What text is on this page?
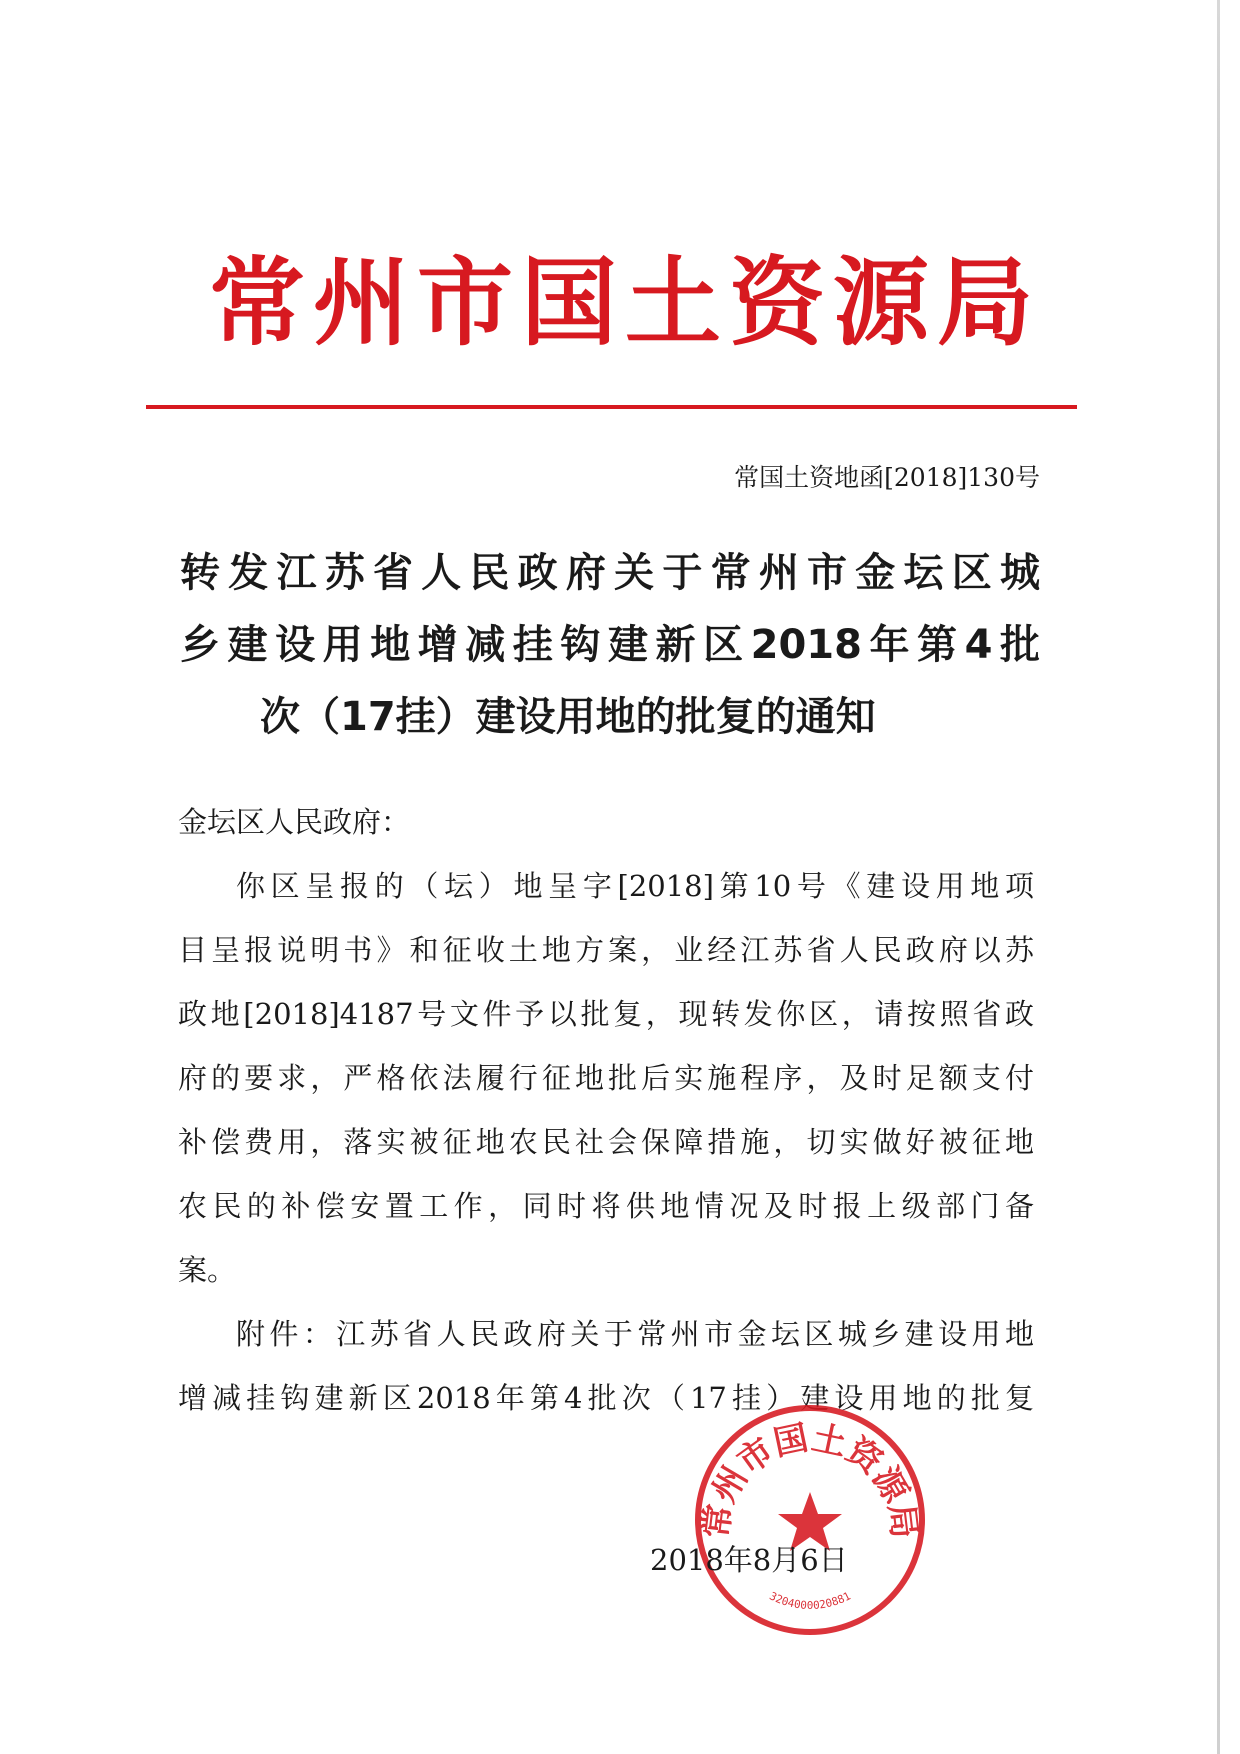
常州市国土资源局
常国土资地函[2018]130号
转发江苏省人民政府关于常州市金坛区城
乡建设用地增减挂钩建新区2018年第4批
次（17挂）建设用地的批复的通知
金坛区人民政府：
你区呈报的（坛）地呈字[2018]第10号《建设用地项
目呈报说明书》和征收土地方案，业经江苏省人民政府以苏
政地[2018]4187号文件予以批复，现转发你区，请按照省政
府的要求，严格依法履行征地批后实施程序，及时足额支付
补偿费用，落实被征地农民社会保障措施，切实做好被征地
农民的补偿安置工作，同时将供地情况及时报上级部门备
案。
附件：江苏省人民政府关于常州市金坛区城乡建设用地
增减挂钩建新区2018年第4批次（17挂）建设用地的批复
常州市国土资源局
3204000020881
2018年8月6日
